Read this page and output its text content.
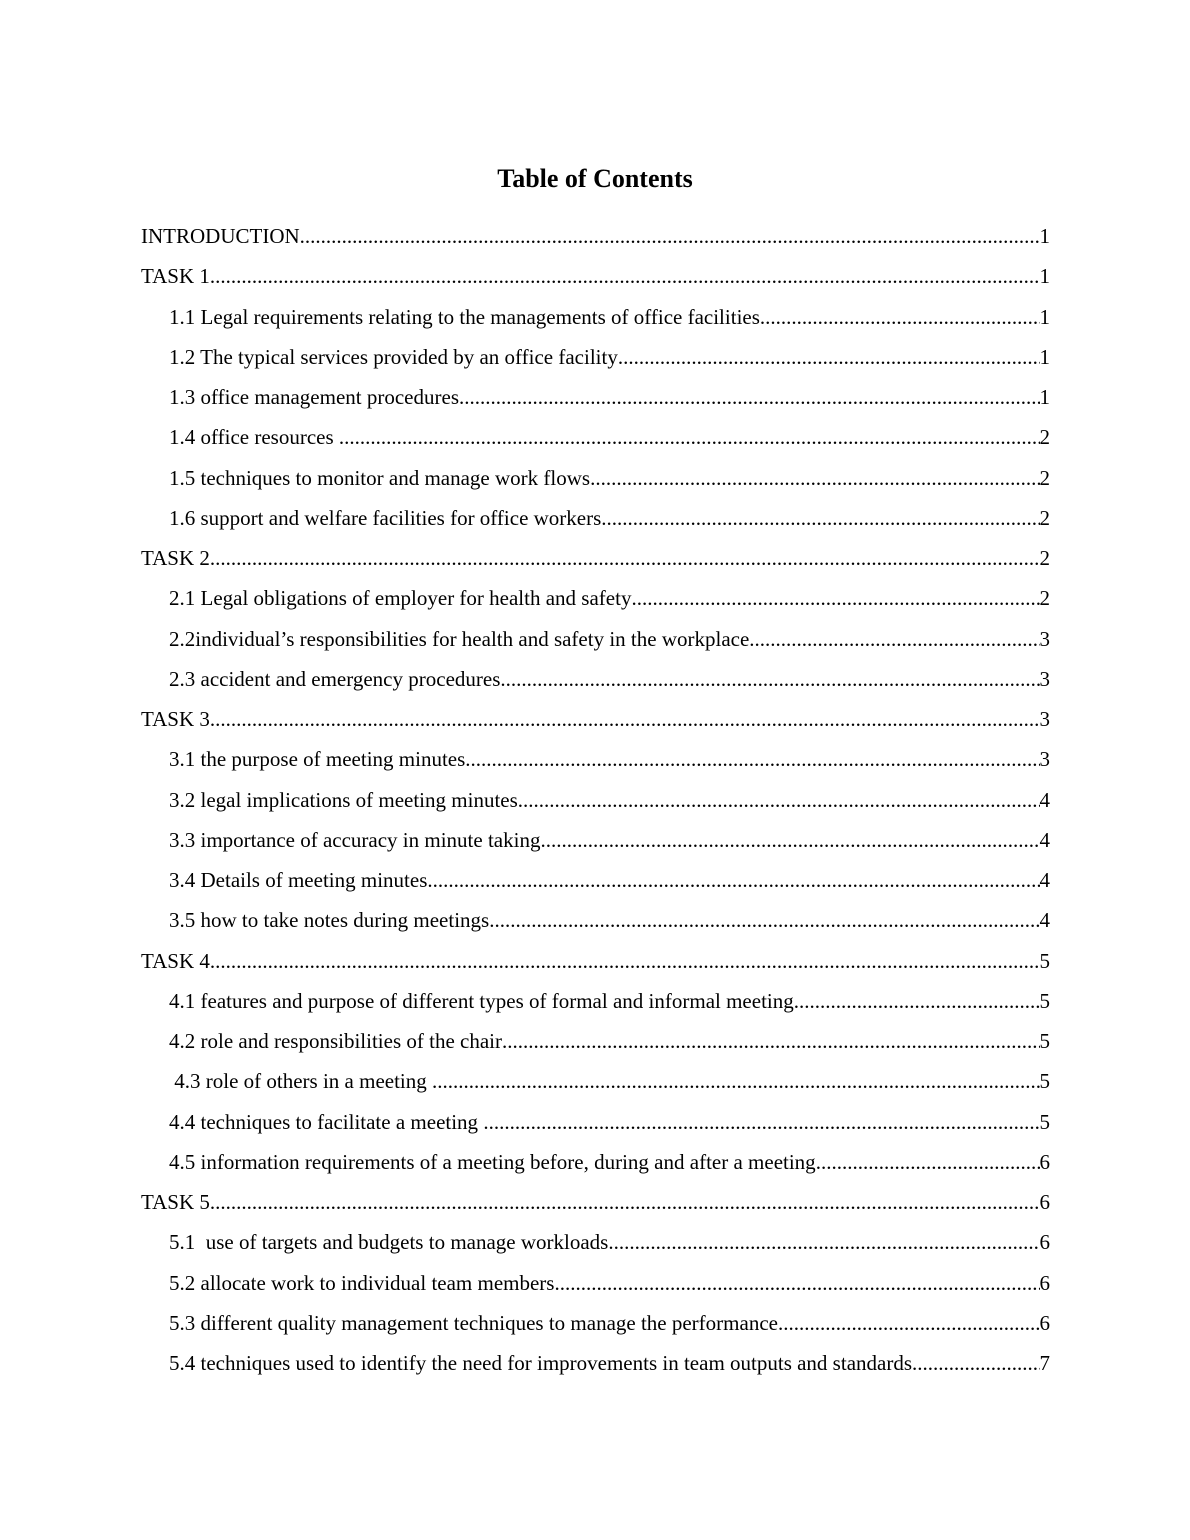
Table of Contents
INTRODUCTION .....	1
TASK 1 .....	1
1.1 Legal requirements relating to the managements of office facilities .....	1
1.2 The typical services provided by an office facility .....	1
1.3 office management procedures .....	1
1.4 office resources .....	2
1.5 techniques to monitor and manage work flows .....	2
1.6 support and welfare facilities for office workers .....	2
TASK 2 .....	2
2.1 Legal obligations of employer for health and safety .....	2
2.2individual’s responsibilities for health and safety in the workplace .....	3
2.3 accident and emergency procedures .....	3
TASK 3 .....	3
3.1 the purpose of meeting minutes .....	3
3.2 legal implications of meeting minutes .....	4
3.3 importance of accuracy in minute taking .....	4
3.4 Details of meeting minutes .....	4
3.5 how to take notes during meetings .....	4
TASK 4 .....	5
4.1 features and purpose of different types of formal and informal meeting .....	5
4.2 role and responsibilities of the chair .....	5
4.3 role of others in a meeting .....	5
4.4 techniques to facilitate a meeting .....	5
4.5 information requirements of a meeting before, during and after a meeting .....	6
TASK 5 .....	6
5.1  use of targets and budgets to manage workloads .....	6
5.2 allocate work to individual team members .....	6
5.3 different quality management techniques to manage the performance .....	6
5.4 techniques used to identify the need for improvements in team outputs and standards. .....	7
